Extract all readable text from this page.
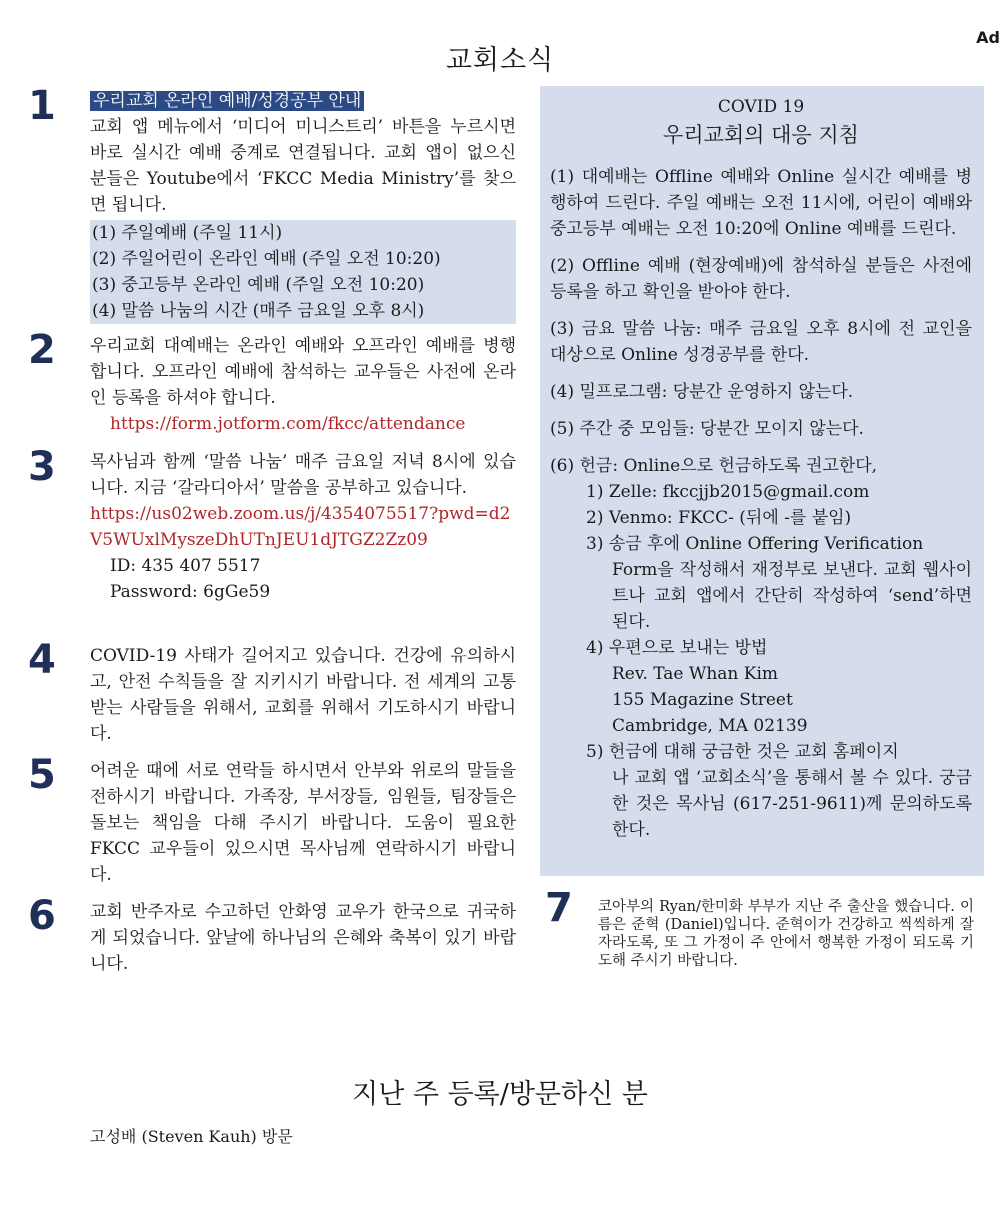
Ad
교회소식
1 우리교회 온라인 예배/성경공부 안내

교회 앱 메뉴에서 ‘미디어 미니스트리’ 바튼을 누르시면 바로 실시간 예배 중계로 연결됩니다. 교회 앱이 없으신 분들은 Youtube에서 ‘FKCC Media Ministry’를 찾으면 됩니다.

(1) 주일예배 (주일 11시)
(2) 주일어린이 온라인 예배 (주일 오전 10:20)
(3) 중고등부 온라인 예배 (주일 오전 10:20)
(4) 말씀 나눔의 시간 (매주 금요일 오후 8시)
2 우리교회 대예배는 온라인 예배와 오프라인 예배를 병행합니다. 오프라인 예배에 참석하는 교우들은 사전에 온라인 등록을 하셔야 합니다.

https://form.jotform.com/fkcc/attendance

3 목사님과 함께 ‘말씀 나눔’ 매주 금요일 저녁 8시에 있습니다. 지금 ‘갈라디아서’ 말씀을 공부하고 있습니다.

https://us02web.zoom.us/j/4354075517?pwd=d2V5WUxlMyszeDhUTnJEU1dJTGZ2Zz09

ID: 435 407 5517

Password: 6gGe59

4 COVID-19 사태가 길어지고 있습니다. 건강에 유의하시고, 안전 수칙들을 잘 지키시기 바랍니다. 전 세계의 고통받는 사람들을 위해서, 교회를 위해서 기도하시기 바랍니다.

5 어려운 때에 서로 연락들 하시면서 안부와 위로의 말들을 전하시기 바랍니다. 가족장, 부서장들, 임원들, 팀장들은 돌보는 책임을 다해 주시기 바랍니다. 도움이 필요한 FKCC 교우들이 있으시면 목사님께 연락하시기 바랍니다.

6 교회 반주자로 수고하던 안화영 교우가 한국으로 귀국하게 되었습니다. 앞날에 하나님의 은혜와 축복이 있기 바랍니다.

COVID 19

우리교회의 대응 지침

(1) 대예배는 Offline 예배와 Online 실시간 예배를 병행하여 드린다. 주일 예배는 오전 11시에, 어린이 예배와 중고등부 예배는 오전 10:20에 Online 예배를 드린다.

(2) Offline 예배 (현장예배)에 참석하실 분들은 사전에 등록을 하고 확인을 받아야 한다.

(3) 금요 말씀 나눔: 매주 금요일 오후 8시에 전 교인을 대상으로 Online 성경공부를 한다.

(4) 밀프로그램: 당분간 운영하지 않는다.

(5) 주간 중 모임들: 당분간 모이지 않는다.

(6) 헌금: Online으로 헌금하도록 권고한다,

1) Zelle: fkccjjb2015@gmail.com

2) Venmo: FKCC- (뒤에 -를 붙임)

3) 송금 후에 Online Offering Verification

Form을 작성해서 재정부로 보낸다. 교회 웹사이트나 교회 앱에서 간단히 작성하여 ‘send’하면 된다.

4) 우편으로 보내는 방법

Rev. Tae Whan Kim

155 Magazine Street

Cambridge, MA 02139

5) 헌금에 대해 궁금한 것은 교회 홈페이지

나 교회 앱 ‘교회소식’을 통해서 볼 수 있다. 궁금한 것은 목사님 (617-251-9611)께 문의하도록 한다.

7 코아부의 Ryan/한미화 부부가 지난 주 출산을 했습니다. 이름은 준혁 (Daniel)입니다. 준혁이가 건강하고 씩씩하게 잘 자라도록, 또 그 가정이 주 안에서 행복한 가정이 되도록 기도해 주시기 바랍니다.

지난 주 등록/방문하신 분
고성배 (Steven Kauh) 방문
